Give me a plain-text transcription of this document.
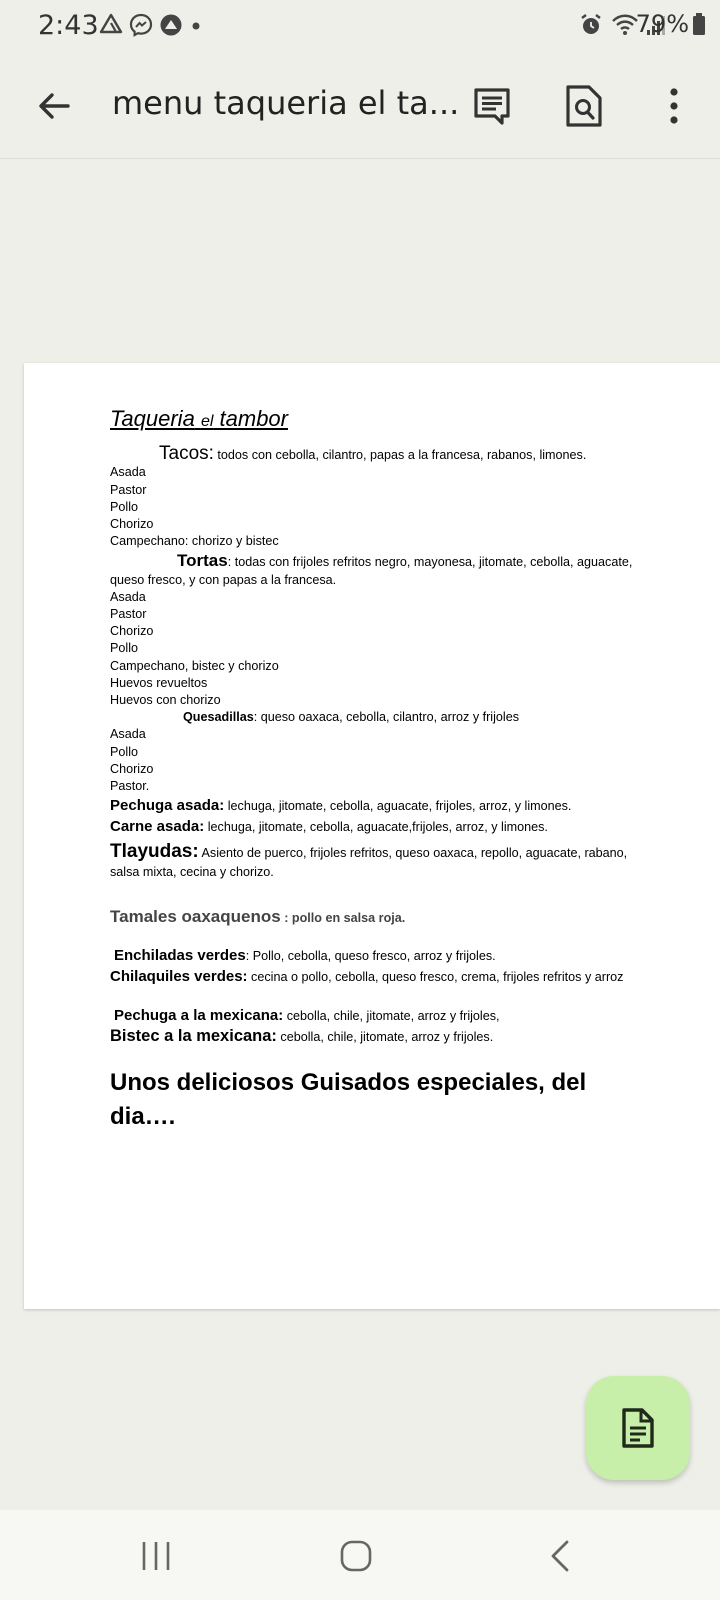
2:43	79%
menu taqueria el ta...
Taqueria el tambor
Tacos: todos con cebolla, cilantro, papas a la francesa, rabanos, limones.
Asada
Pastor
Pollo
Chorizo
Campechano: chorizo y bistec
Tortas: todas con frijoles refritos negro, mayonesa, jitomate, cebolla, aguacate,
queso fresco, y con papas a la francesa.
Asada
Pastor
Chorizo
Pollo
Campechano, bistec y chorizo
Huevos revueltos
Huevos con chorizo
Quesadillas: queso oaxaca, cebolla, cilantro, arroz y frijoles
Asada
Pollo
Chorizo
Pastor.
Pechuga asada: lechuga, jitomate, cebolla, aguacate, frijoles, arroz, y limones.
Carne asada: lechuga, jitomate, cebolla, aguacate,frijoles, arroz, y limones.
Tlayudas: Asiento de puerco, frijoles refritos, queso oaxaca, repollo, aguacate, rabano,
salsa mixta, cecina y chorizo.
Tamales oaxaquenos : pollo en salsa roja.
Enchiladas verdes: Pollo, cebolla, queso fresco, arroz y frijoles.
Chilaquiles verdes: cecina o pollo, cebolla, queso fresco, crema, frijoles refritos y arroz
Pechuga a la mexicana: cebolla, chile, jitomate, arroz y frijoles,
Bistec a la mexicana: cebolla, chile, jitomate, arroz y frijoles.
Unos deliciosos Guisados especiales, del
dia….
